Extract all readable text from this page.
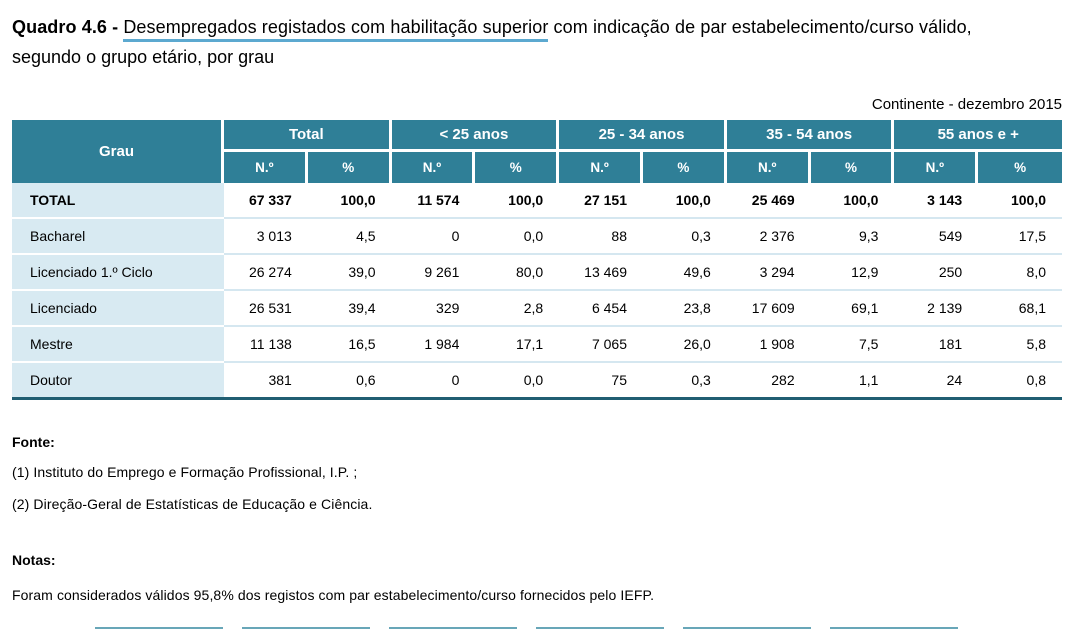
Quadro 4.6 - Desempregados registados com habilitação superior com indicação de par estabelecimento/curso válido,
segundo o grupo etário, por grau
Continente - dezembro 2015
Grau	Total		< 25 anos		25 - 34 anos		35 - 54 anos		55 anos e +	
	N.º	%	N.º	%	N.º	%	N.º	%	N.º	%
TOTAL	67 337	100,0	11 574	100,0	27 151	100,0	25 469	100,0	3 143	100,0
Bacharel	3 013	4,5	0	0,0	88	0,3	2 376	9,3	549	17,5
Licenciado 1.º Ciclo	26 274	39,0	9 261	80,0	13 469	49,6	3 294	12,9	250	8,0
Licenciado	26 531	39,4	329	2,8	6 454	23,8	17 609	69,1	2 139	68,1
Mestre	11 138	16,5	1 984	17,1	7 065	26,0	1 908	7,5	181	5,8
Doutor	381	0,6	0	0,0	75	0,3	282	1,1	24	0,8
Fonte:
(1) Instituto do Emprego e Formação Profissional, I.P. ;
(2) Direção-Geral de Estatísticas de Educação e Ciência.
Notas:
Foram considerados válidos 95,8% dos registos com par estabelecimento/curso fornecidos pelo IEFP.
